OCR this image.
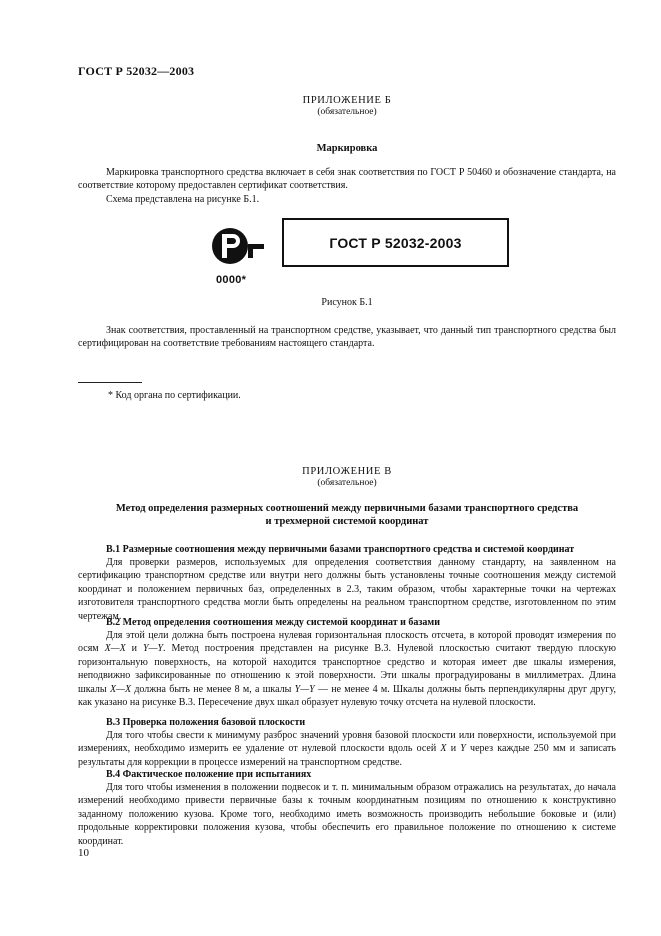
ГОСТ Р 52032—2003
ПРИЛОЖЕНИЕ Б
(обязательное)
Маркировка
Маркировка транспортного средства включает в себя знак соответствия по ГОСТ Р 50460 и обозначение стандарта, на соответствие которому предоставлен сертификат соответствия.
Схема представлена на рисунке Б.1.
0000*
ГОСТ Р 52032-2003
Рисунок Б.1
Знак соответствия, проставленный на транспортном средстве, указывает, что данный тип транспортного средства был сертифицирован на соответствие требованиям настоящего стандарта.
* Код органа по сертификации.
ПРИЛОЖЕНИЕ В
(обязательное)
Метод определения размерных соотношений между первичными базами транспортного средства
и трехмерной системой координат
В.1 Размерные соотношения между первичными базами транспортного средства и системой координат
Для проверки размеров, используемых для определения соответствия данному стандарту, на заявленном на сертификацию транспортном средстве или внутри него должны быть установлены точные соотношения между системой координат и положением первичных баз, определенных в 2.3, таким образом, чтобы характерные точки на чертежах изготовителя транспортного средства могли быть определены на реальном транспортном средстве, изготовленном по этим чертежам.
В.2 Метод определения соотношения между системой координат и базами
Для этой цели должна быть построена нулевая горизонтальная плоскость отсчета, в которой проводят измерения по осям X—X и Y—Y. Метод построения представлен на рисунке В.3. Нулевой плоскостью считают твердую плоскую горизонтальную поверхность, на которой находится транспортное средство и которая имеет две шкалы измерения, неподвижно зафиксированные по отношению к этой поверхности. Эти шкалы проградуированы в миллиметрах. Длина шкалы X—X должна быть не менее 8 м, а шкалы Y—Y — не менее 4 м. Шкалы должны быть перпендикулярны друг другу, как указано на рисунке В.3. Пересечение двух шкал образует нулевую точку отсчета на нулевой плоскости.
В.3 Проверка положения базовой плоскости
Для того чтобы свести к минимуму разброс значений уровня базовой плоскости или поверхности, используемой при измерениях, необходимо измерить ее удаление от нулевой плоскости вдоль осей X и Y через каждые 250 мм и записать результаты для коррекции в процессе измерений на транспортном средстве.
В.4 Фактическое положение при испытаниях
Для того чтобы изменения в положении подвесок и т. п. минимальным образом отражались на результатах, до начала измерений необходимо привести первичные базы к точным координатным позициям по отношению к конструктивно заданному положению кузова. Кроме того, необходимо иметь возможность производить небольшие боковые и (или) продольные корректировки положения кузова, чтобы обеспечить его правильное положение по отношению к системе координат.
10
